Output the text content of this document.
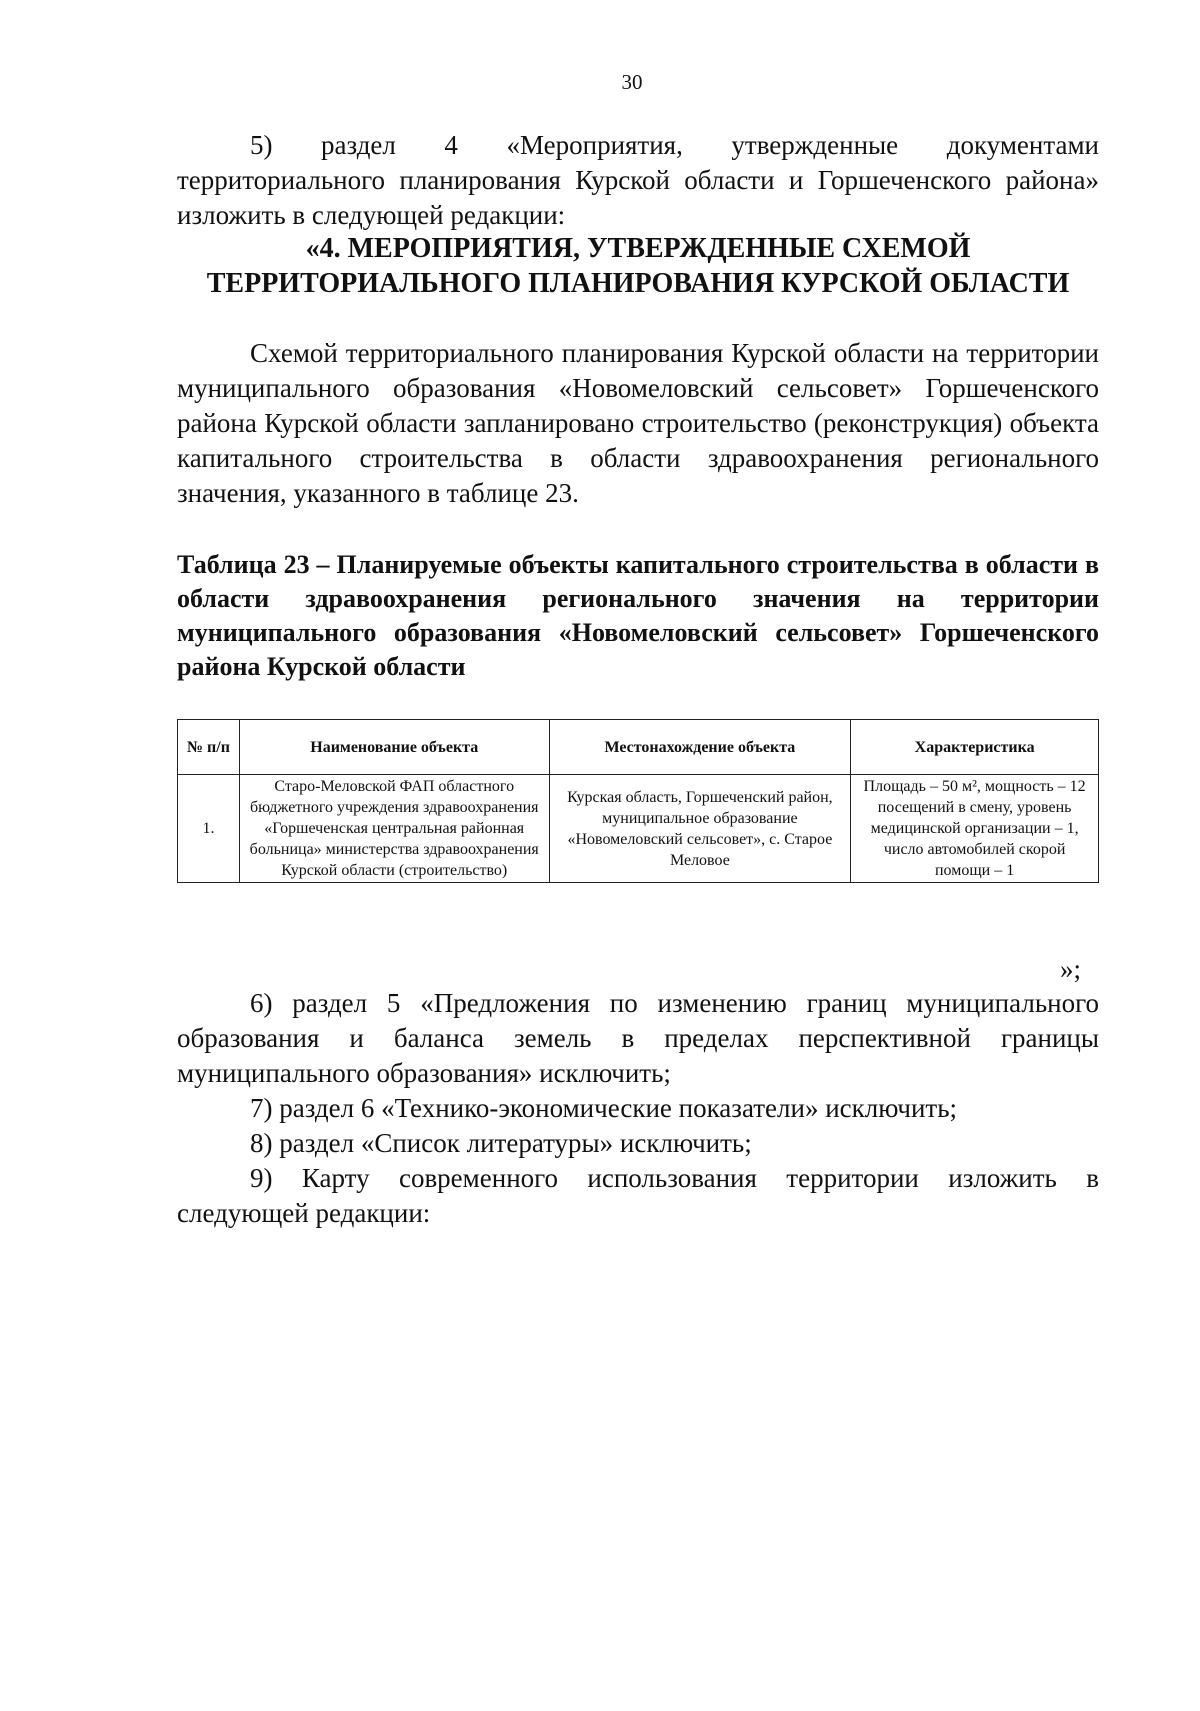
30

5) раздел 4 «Мероприятия, утвержденные документами территориального планирования Курской области и Горшеченского района» изложить в следующей редакции:

«4. МЕРОПРИЯТИЯ, УТВЕРЖДЕННЫЕ СХЕМОЙ
ТЕРРИТОРИАЛЬНОГО ПЛАНИРОВАНИЯ КУРСКОЙ ОБЛАСТИ

Схемой территориального планирования Курской области на территории муниципального образования «Новомеловский сельсовет» Горшеченского района Курской области запланировано строительство (реконструкция) объекта капитального строительства в области здравоохранения регионального значения, указанного в таблице 23.

Таблица 23 – Планируемые объекты капитального строительства в области в области здравоохранения регионального значения на территории муниципального образования «Новомеловский сельсовет» Горшеченского района Курской области

№ п/п	Наименование объекта	Местонахождение объекта	Характеристика
1.	Старо-Меловской ФАП областного бюджетного учреждения здравоохранения «Горшеченская центральная районная больница» министерства здравоохранения Курской области (строительство)	Курская область, Горшеченский район, муниципальное образование «Новомеловский сельсовет», с. Старое Меловое	Площадь – 50 м², мощность – 12 посещений в смену, уровень медицинской организации – 1, число автомобилей скорой помощи – 1
»;

6) раздел 5 «Предложения по изменению границ муниципального образования и баланса земель в пределах перспективной границы муниципального образования» исключить;

7) раздел 6 «Технико-экономические показатели» исключить;

8) раздел «Список литературы» исключить;

9) Карту современного использования территории изложить в следующей редакции:
